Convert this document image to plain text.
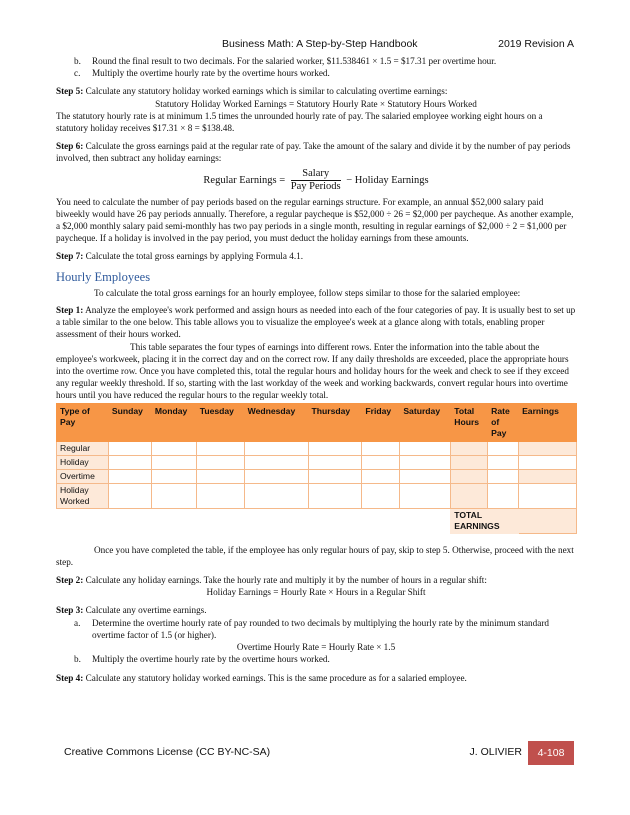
Business Math: A Step-by-Step Handbook	2019 Revision A

b. Round the final result to two decimals. For the salaried worker, $11.538461 × 1.5 = $17.31 per overtime hour.

c. Multiply the overtime hourly rate by the overtime hours worked.

Step 5: Calculate any statutory holiday worked earnings which is similar to calculating overtime earnings:

Statutory Holiday Worked Earnings = Statutory Hourly Rate × Statutory Hours Worked

The statutory hourly rate is at minimum 1.5 times the unrounded hourly rate of pay. The salaried employee working eight hours on a statutory holiday receives $17.31 × 8 = $138.48.

Step 6: Calculate the gross earnings paid at the regular rate of pay. Take the amount of the salary and divide it by the number of pay periods involved, then subtract any holiday earnings:

Regular Earnings = $\frac{\text{Salary}}{\text{Pay Periods}}$ − Holiday Earnings

You need to calculate the number of pay periods based on the regular earnings structure. For example, an annual $52,000 salary paid biweekly would have 26 pay periods annually. Therefore, a regular paycheque is $52,000 ÷ 26 = $2,000 per paycheque. As another example, a $2,000 monthly salary paid semi-monthly has two pay periods in a single month, resulting in regular earnings of $2,000 ÷ 2 = $1,000 per paycheque. If a holiday is involved in the pay period, you must deduct the holiday earnings from these amounts.

Step 7: Calculate the total gross earnings by applying Formula 4.1.

Hourly Employees

To calculate the total gross earnings for an hourly employee, follow steps similar to those for the salaried employee:

Step 1: Analyze the employee's work performed and assign hours as needed into each of the four categories of pay. It is usually best to set up a table similar to the one below. This table allows you to visualize the employee's week at a glance along with totals, enabling proper assessment of their hours worked.

This table separates the four types of earnings into different rows. Enter the information into the table about the employee's workweek, placing it in the correct day and on the correct row. If any daily thresholds are exceeded, place the appropriate hours into the overtime row. Once you have completed this, total the regular hours and holiday hours for the week and check to see if they exceed any regular weekly threshold. If so, starting with the last workday of the week and working backwards, convert regular hours into overtime hours until you have reduced the regular hours to the regular weekly total.

Type of Pay	Sunday	Monday	Tuesday	Wednesday	Thursday	Friday	Saturday	Total Hours	Rate of Pay	Earnings
Regular										
Holiday										
Overtime										
Holiday Worked										
								TOTAL EARNINGS		

Once you have completed the table, if the employee has only regular hours of pay, skip to step 5. Otherwise, proceed with the next step.

Step 2: Calculate any holiday earnings. Take the hourly rate and multiply it by the number of hours in a regular shift:

Holiday Earnings = Hourly Rate × Hours in a Regular Shift

Step 3: Calculate any overtime earnings.

a. Determine the overtime hourly rate of pay rounded to two decimals by multiplying the hourly rate by the minimum standard overtime factor of 1.5 (or higher).

Overtime Hourly Rate = Hourly Rate × 1.5

b. Multiply the overtime hourly rate by the overtime hours worked.

Step 4: Calculate any statutory holiday worked earnings. This is the same procedure as for a salaried employee.

Creative Commons License (CC BY-NC-SA)	J. OLIVIER	4-108
